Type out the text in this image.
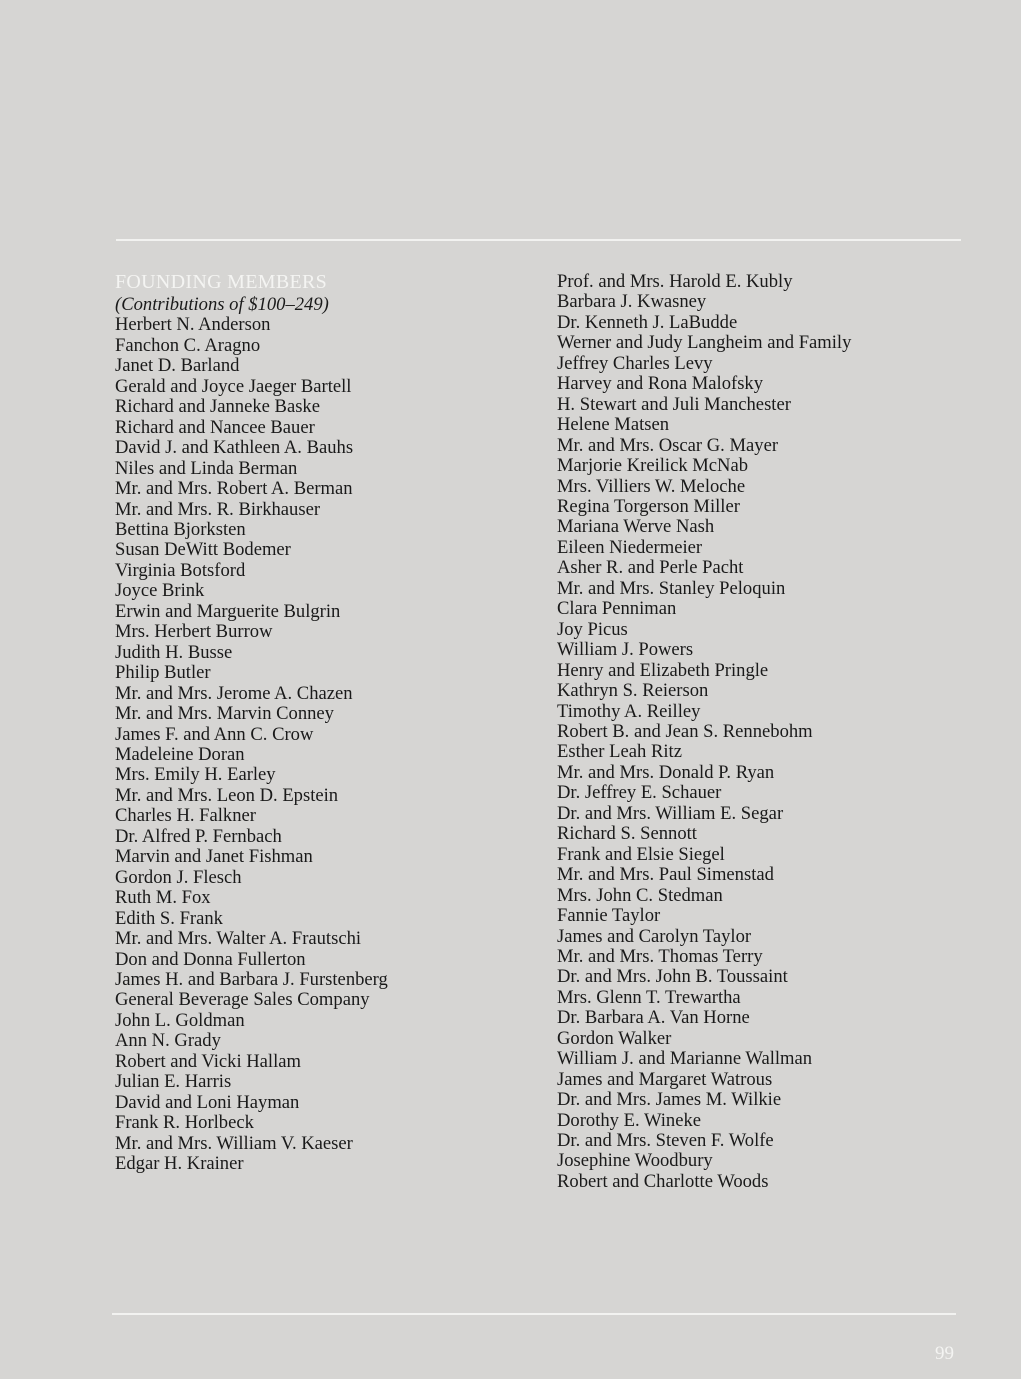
FOUNDING MEMBERS
(Contributions of $100–249)
Herbert N. Anderson
Fanchon C. Aragno
Janet D. Barland
Gerald and Joyce Jaeger Bartell
Richard and Janneke Baske
Richard and Nancee Bauer
David J. and Kathleen A. Bauhs
Niles and Linda Berman
Mr. and Mrs. Robert A. Berman
Mr. and Mrs. R. Birkhauser
Bettina Bjorksten
Susan DeWitt Bodemer
Virginia Botsford
Joyce Brink
Erwin and Marguerite Bulgrin
Mrs. Herbert Burrow
Judith H. Busse
Philip Butler
Mr. and Mrs. Jerome A. Chazen
Mr. and Mrs. Marvin Conney
James F. and Ann C. Crow
Madeleine Doran
Mrs. Emily H. Earley
Mr. and Mrs. Leon D. Epstein
Charles H. Falkner
Dr. Alfred P. Fernbach
Marvin and Janet Fishman
Gordon J. Flesch
Ruth M. Fox
Edith S. Frank
Mr. and Mrs. Walter A. Frautschi
Don and Donna Fullerton
James H. and Barbara J. Furstenberg
General Beverage Sales Company
John L. Goldman
Ann N. Grady
Robert and Vicki Hallam
Julian E. Harris
David and Loni Hayman
Frank R. Horlbeck
Mr. and Mrs. William V. Kaeser
Edgar H. Krainer
Prof. and Mrs. Harold E. Kubly
Barbara J. Kwasney
Dr. Kenneth J. LaBudde
Werner and Judy Langheim and Family
Jeffrey Charles Levy
Harvey and Rona Malofsky
H. Stewart and Juli Manchester
Helene Matsen
Mr. and Mrs. Oscar G. Mayer
Marjorie Kreilick McNab
Mrs. Villiers W. Meloche
Regina Torgerson Miller
Mariana Werve Nash
Eileen Niedermeier
Asher R. and Perle Pacht
Mr. and Mrs. Stanley Peloquin
Clara Penniman
Joy Picus
William J. Powers
Henry and Elizabeth Pringle
Kathryn S. Reierson
Timothy A. Reilley
Robert B. and Jean S. Rennebohm
Esther Leah Ritz
Mr. and Mrs. Donald P. Ryan
Dr. Jeffrey E. Schauer
Dr. and Mrs. William E. Segar
Richard S. Sennott
Frank and Elsie Siegel
Mr. and Mrs. Paul Simenstad
Mrs. John C. Stedman
Fannie Taylor
James and Carolyn Taylor
Mr. and Mrs. Thomas Terry
Dr. and Mrs. John B. Toussaint
Mrs. Glenn T. Trewartha
Dr. Barbara A. Van Horne
Gordon Walker
William J. and Marianne Wallman
James and Margaret Watrous
Dr. and Mrs. James M. Wilkie
Dorothy E. Wineke
Dr. and Mrs. Steven F. Wolfe
Josephine Woodbury
Robert and Charlotte Woods
99
